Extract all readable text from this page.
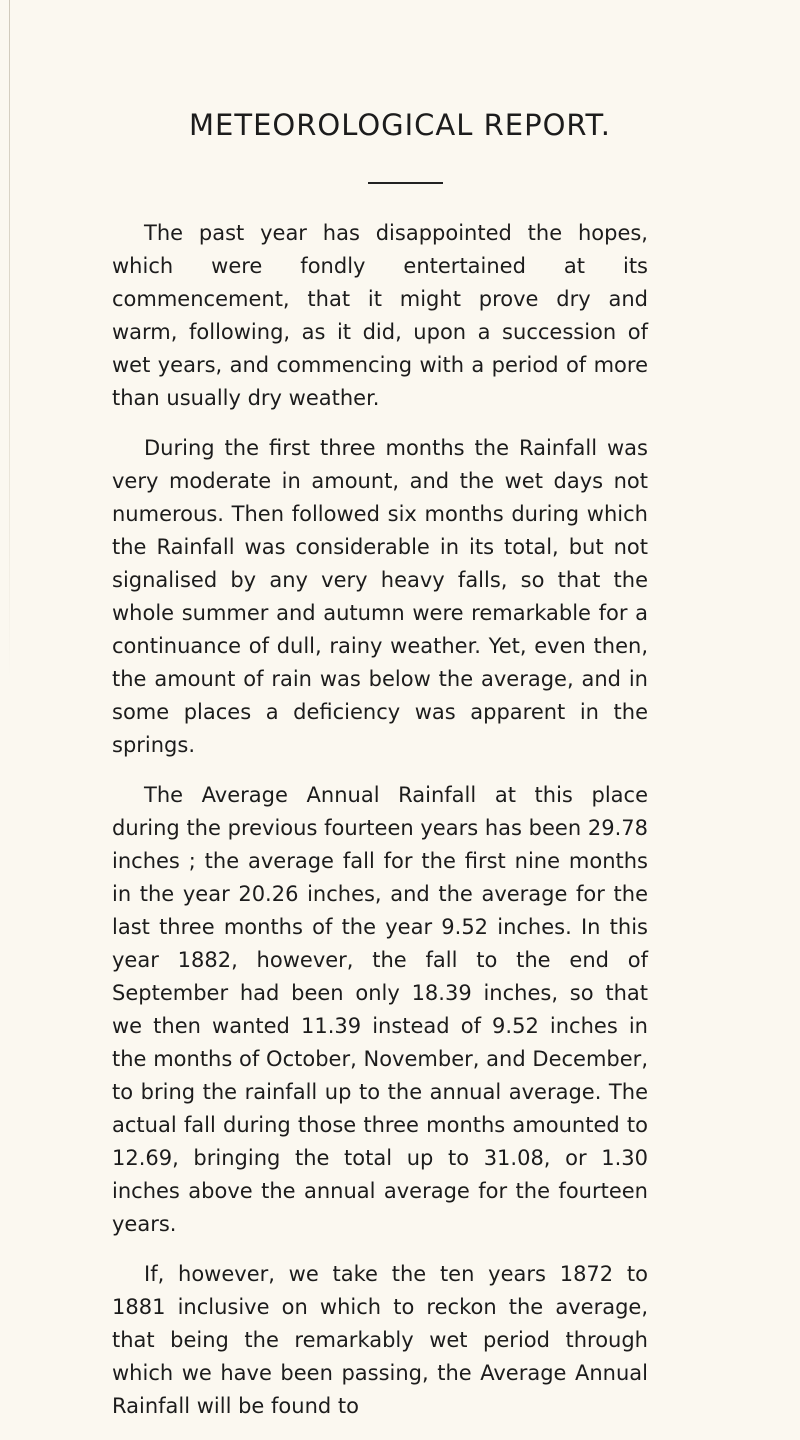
METEOROLOGICAL REPORT.

The past year has disappointed the hopes, which were fondly entertained at its commencement, that it might prove dry and warm, following, as it did, upon a succession of wet years, and commencing with a period of more than usually dry weather.

During the first three months the Rainfall was very moderate in amount, and the wet days not numerous. Then followed six months during which the Rainfall was considerable in its total, but not signalised by any very heavy falls, so that the whole summer and autumn were remarkable for a continuance of dull, rainy weather. Yet, even then, the amount of rain was below the average, and in some places a deficiency was apparent in the springs.

The Average Annual Rainfall at this place during the previous fourteen years has been 29.78 inches ; the average fall for the first nine months in the year 20.26 inches, and the average for the last three months of the year 9.52 inches. In this year 1882, however, the fall to the end of September had been only 18.39 inches, so that we then wanted 11.39 instead of 9.52 inches in the months of October, November, and December, to bring the rainfall up to the annual average. The actual fall during those three months amounted to 12.69, bringing the total up to 31.08, or 1.30 inches above the annual average for the fourteen years.

If, however, we take the ten years 1872 to 1881 inclusive on which to reckon the average, that being the remarkably wet period through which we have been passing, the Average Annual Rainfall will be found to
